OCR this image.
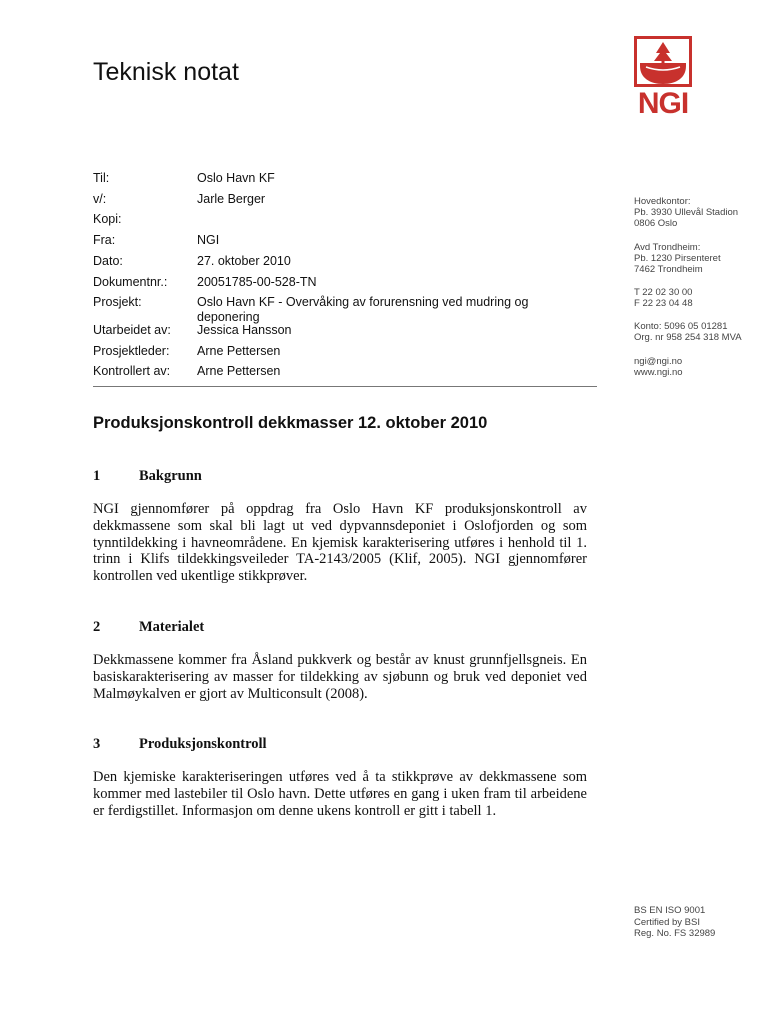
Teknisk notat
NGI
Til:	Oslo Havn KF
v/:	Jarle Berger
Kopi:
Fra:	NGI
Dato:	27. oktober 2010
Dokumentnr.: 20051785-00-528-TN
Prosjekt:	Oslo Havn KF - Overvåking av forurensning ved mudring og deponering
Utarbeidet av: Jessica Hansson
Prosjektleder: Arne Pettersen
Kontrollert av: Arne Pettersen
Hovedkontor:
Pb. 3930 Ullevål Stadion
0806 Oslo
Avd Trondheim:
Pb. 1230 Pirsenteret
7462 Trondheim
T 22 02 30 00
F 22 23 04 48
Konto: 5096 05 01281
Org. nr 958 254 318 MVA
ngi@ngi.no
www.ngi.no
Produksjonskontroll dekkmasser 12. oktober 2010
1	Bakgrunn
NGI gjennomfører på oppdrag fra Oslo Havn KF produksjonskontroll av dekkmassene som skal bli lagt ut ved dypvannsdeponiet i Oslofjorden og som tynntildekking i havneområdene. En kjemisk karakterisering utføres i henhold til 1. trinn i Klifs tildekkingsveileder TA-2143/2005 (Klif, 2005). NGI gjennomfører kontrollen ved ukentlige stikkprøver.
2	Materialet
Dekkmassene kommer fra Åsland pukkverk og består av knust grunnfjellsgneis. En basiskarakterisering av masser for tildekking av sjøbunn og bruk ved deponiet ved Malmøykalven er gjort av Multiconsult (2008).
3	Produksjonskontroll
Den kjemiske karakteriseringen utføres ved å ta stikkprøve av dekkmassene som kommer med lastebiler til Oslo havn. Dette utføres en gang i uken fram til arbeidene er ferdigstillet. Informasjon om denne ukens kontroll er gitt i tabell 1.
BS EN ISO 9001
Certified by BSI
Reg. No. FS 32989
